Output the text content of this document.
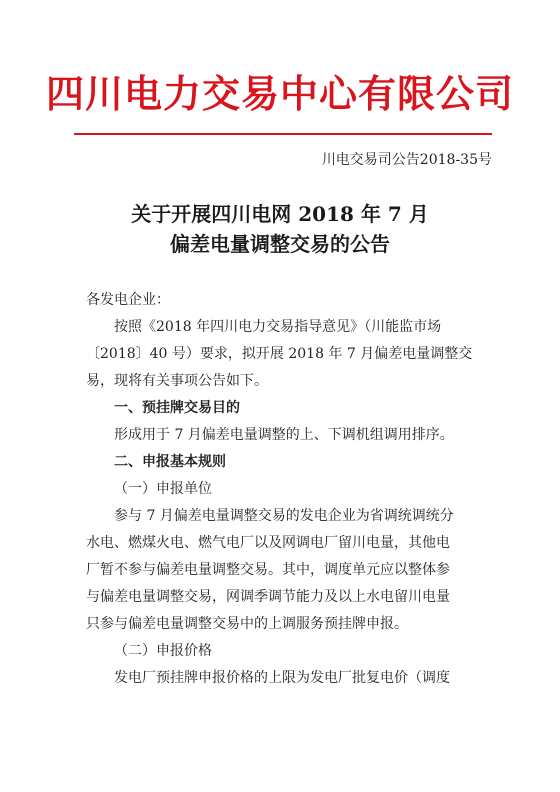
四川电力交易中心有限公司
川电交易司公告2018-35号
关于开展四川电网 2018 年 7 月
偏差电量调整交易的公告

各发电企业：

按照《2018 年四川电力交易指导意见》（川能监市场

〔2018〕40 号）要求，拟开展 2018 年 7 月偏差电量调整交

易，现将有关事项公告如下。

一、预挂牌交易目的

形成用于 7 月偏差电量调整的上、下调机组调用排序。

二、申报基本规则

（一）申报单位

参与 7 月偏差电量调整交易的发电企业为省调统调统分

水电、燃煤火电、燃气电厂以及网调电厂留川电量，其他电

厂暂不参与偏差电量调整交易。其中，调度单元应以整体参

与偏差电量调整交易，网调季调节能力及以上水电留川电量

只参与偏差电量调整交易中的上调服务预挂牌申报。

（二）申报价格

发电厂预挂牌申报价格的上限为发电厂批复电价（调度
